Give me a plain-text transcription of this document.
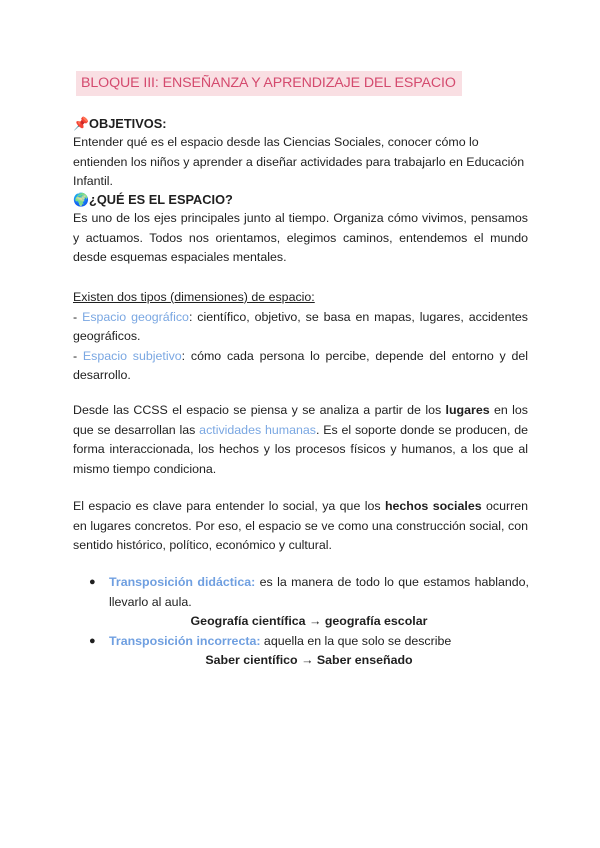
BLOQUE III: ENSEÑANZA Y APRENDIZAJE DEL ESPACIO
📌OBJETIVOS:
Entender qué es el espacio desde las Ciencias Sociales, conocer cómo lo entienden los niños y aprender a diseñar actividades para trabajarlo en Educación Infantil.
🌍¿QUÉ ES EL ESPACIO?
Es uno de los ejes principales junto al tiempo. Organiza cómo vivimos, pensamos y actuamos. Todos nos orientamos, elegimos caminos, entendemos el mundo desde esquemas espaciales mentales.
Existen dos tipos (dimensiones) de espacio:
- Espacio geográfico: científico, objetivo, se basa en mapas, lugares, accidentes geográficos.
- Espacio subjetivo: cómo cada persona lo percibe, depende del entorno y del desarrollo.
Desde las CCSS el espacio se piensa y se analiza a partir de los lugares en los que se desarrollan las actividades humanas. Es el soporte donde se producen, de forma interaccionada, los hechos y los procesos físicos y humanos, a los que al mismo tiempo condiciona.
El espacio es clave para entender lo social, ya que los hechos sociales ocurren en lugares concretos. Por eso, el espacio se ve como una construcción social, con sentido histórico, político, económico y cultural.
● Transposición didáctica: es la manera de todo lo que estamos hablando, llevarlo al aula.
Geografía científica → geografía escolar
● Transposición incorrecta: aquella en la que solo se describe
Saber científico → Saber enseñado
